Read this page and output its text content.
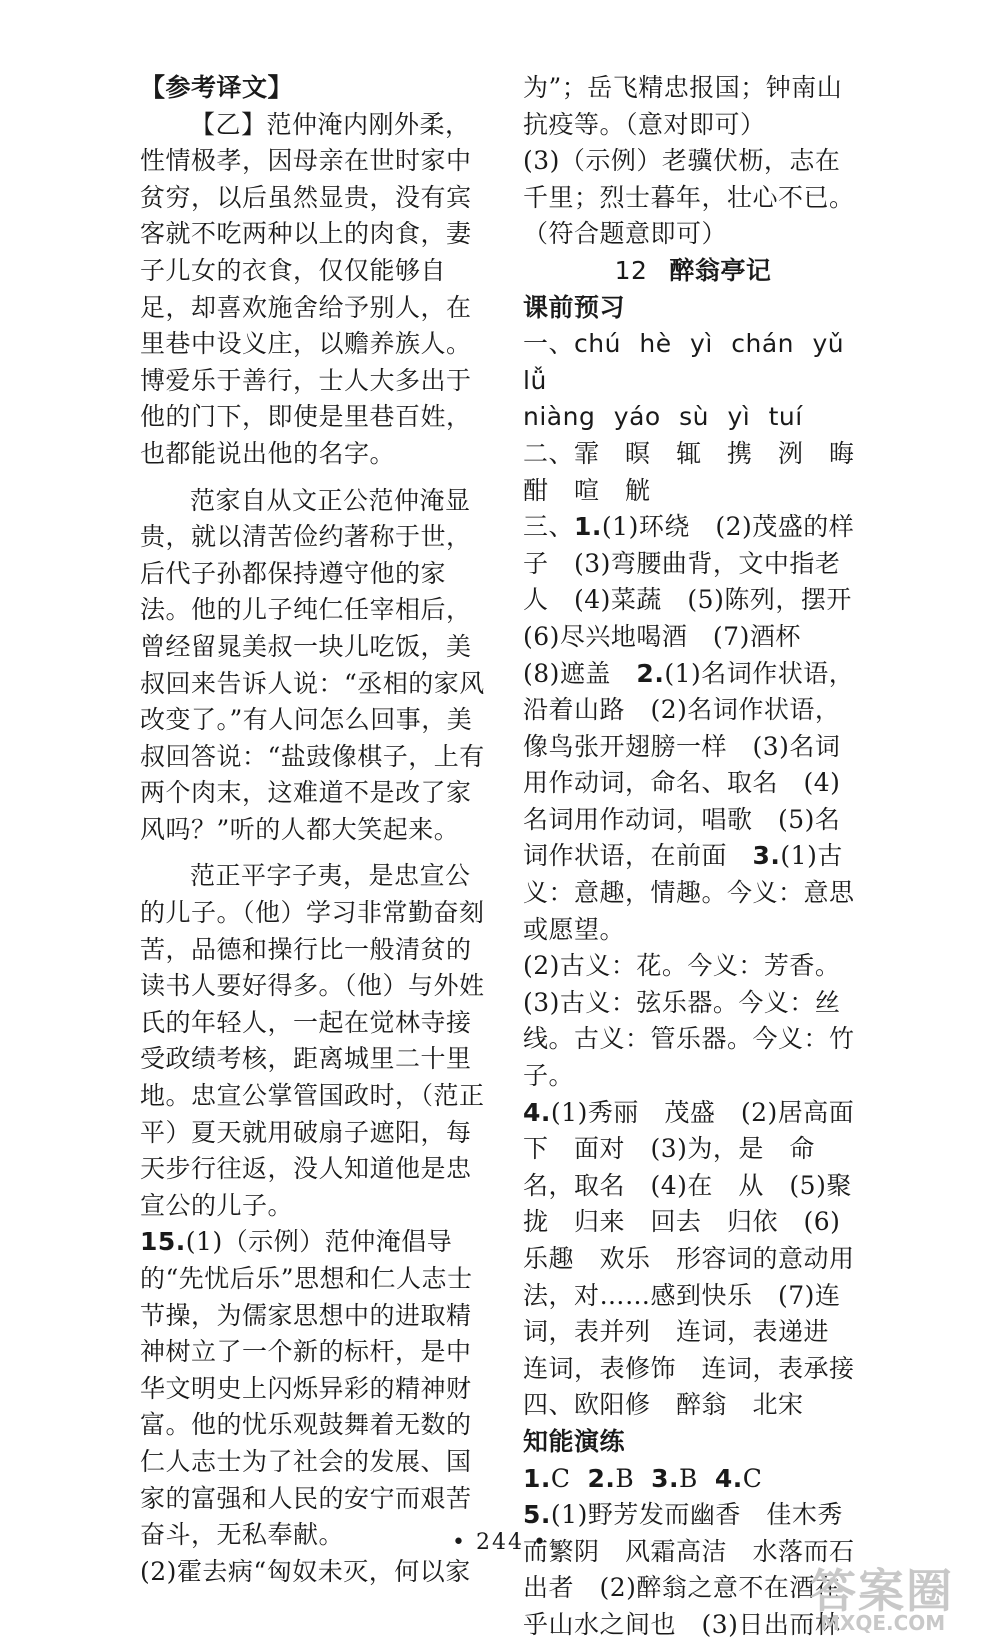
【参考译文】

【乙】范仲淹内刚外柔，性情极孝，因母亲在世时家中贫穷，以后虽然显贵，没有宾客就不吃两种以上的肉食，妻子儿女的衣食，仅仅能够自足，却喜欢施舍给予别人，在里巷中设义庄，以赡养族人。博爱乐于善行，士人大多出于他的门下，即使是里巷百姓，也都能说出他的名字。

范家自从文正公范仲淹显贵，就以清苦俭约著称于世，后代子孙都保持遵守他的家法。他的儿子纯仁任宰相后，曾经留晁美叔一块儿吃饭，美叔回来告诉人说：“丞相的家风改变了。”有人问怎么回事，美叔回答说：“盐豉像棋子，上有两个肉末，这难道不是改了家风吗？”听的人都大笑起来。

范正平字子夷，是忠宣公的儿子。（他）学习非常勤奋刻苦，品德和操行比一般清贫的读书人要好得多。（他）与外姓氏的年轻人，一起在觉林寺接受政绩考核，距离城里二十里地。忠宣公掌管国政时，（范正平）夏天就用破扇子遮阳，每天步行往返，没人知道他是忠宣公的儿子。

15.(1)（示例）范仲淹倡导的“先忧后乐”思想和仁人志士节操，为儒家思想中的进取精神树立了一个新的标杆，是中华文明史上闪烁异彩的精神财富。他的忧乐观鼓舞着无数的仁人志士为了社会的发展、国家的富强和人民的安宁而艰苦奋斗，无私奉献。

(2)霍去病“匈奴未灭，何以家

为”；岳飞精忠报国；钟南山抗疫等。（意对即可）

(3)（示例）老骥伏枥，志在千里；烈士暮年，壮心不已。（符合题意即可）

12 醉翁亭记

课前预习

一、chú hè yì chán yǔ lǚ

niàng yáo sù yì tuí

二、霏　暝　辄　携　洌　晦

酣　喧　觥

三、1.(1)环绕　(2)茂盛的样子　(3)弯腰曲背，文中指老人　(4)菜蔬　(5)陈列，摆开　(6)尽兴地喝酒　(7)酒杯　(8)遮盖　2.(1)名词作状语，沿着山路　(2)名词作状语，像鸟张开翅膀一样　(3)名词用作动词，命名、取名　(4)名词用作动词，唱歌　(5)名词作状语，在前面　3.(1)古义：意趣，情趣。今义：意思或愿望。

(2)古义：花。今义：芳香。

(3)古义：弦乐器。今义：丝线。古义：管乐器。今义：竹子。

4.(1)秀丽　茂盛　(2)居高面下　面对　(3)为，是　命名，取名　(4)在　从　(5)聚拢　归来　回去　归依　(6)乐趣　欢乐　形容词的意动用法，对……感到快乐　(7)连词，表并列　连词，表递进　连词，表修饰　连词，表承接

四、欧阳修　醉翁　北宋

知能演练

1.C 2.B 3.B 4.C

5.(1)野芳发而幽香　佳木秀而繁阴　风霜高洁　水落而石出者　(2)醉翁之意不在酒在乎山水之间也　(3)日出而林

• 244 •
答案圈
MXQE.COM
